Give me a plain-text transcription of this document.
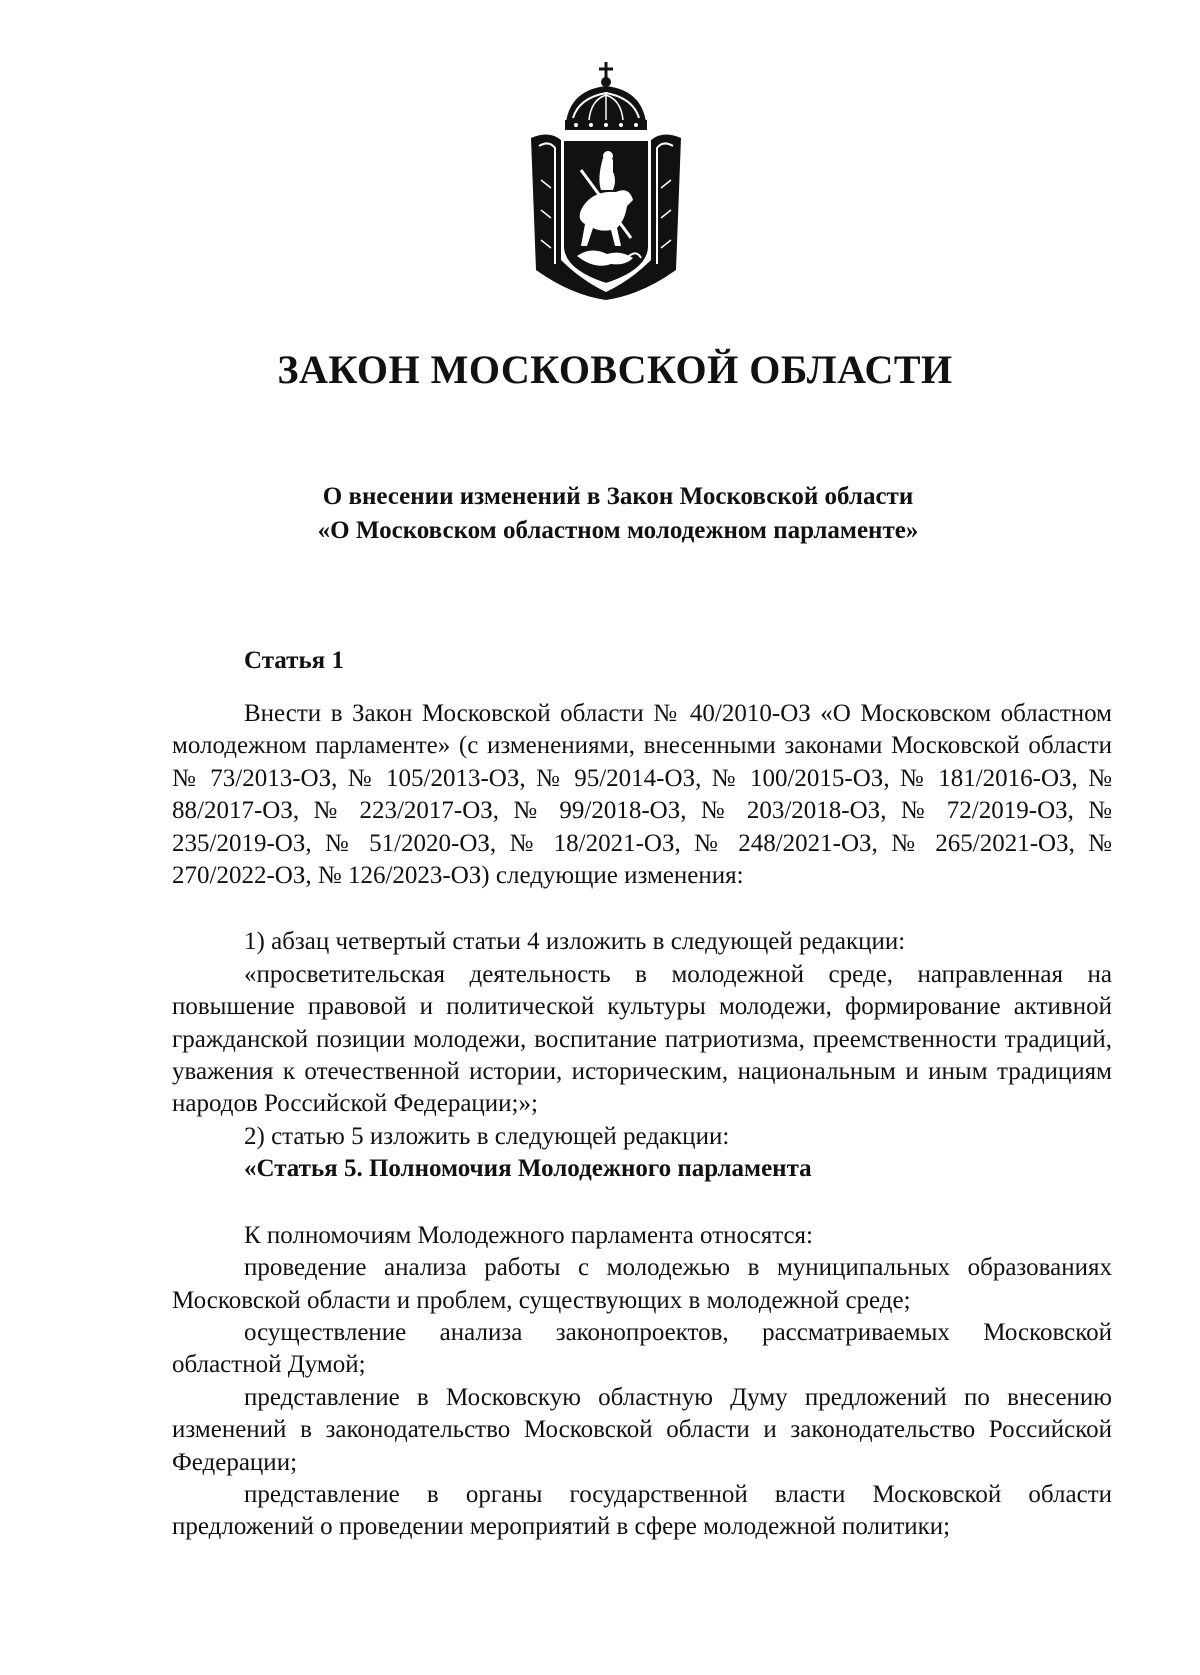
ЗАКОН МОСКОВСКОЙ ОБЛАСТИ
О внесении изменений в Закон Московской области
«О Московском областном молодежном парламенте»
Статья 1

Внести в Закон Московской области № 40/2010-ОЗ «О Московском областном молодежном парламенте» (с изменениями, внесенными законами Московской области № 73/2013-ОЗ, № 105/2013-ОЗ, № 95/2014-ОЗ, № 100/2015-ОЗ, № 181/2016-ОЗ, № 88/2017-ОЗ, № 223/2017-ОЗ, № 99/2018-ОЗ, № 203/2018-ОЗ, № 72/2019-ОЗ, № 235/2019-ОЗ, № 51/2020-ОЗ, № 18/2021-ОЗ, № 248/2021-ОЗ, № 265/2021-ОЗ, № 270/2022-ОЗ, № 126/2023-ОЗ) следующие изменения:

1) абзац четвертый статьи 4 изложить в следующей редакции:

«просветительская деятельность в молодежной среде, направленная на повышение правовой и политической культуры молодежи, формирование активной гражданской позиции молодежи, воспитание патриотизма, преемственности традиций, уважения к отечественной истории, историческим, национальным и иным традициям народов Российской Федерации;»;

2) статью 5 изложить в следующей редакции:

«Статья 5. Полномочия Молодежного парламента

К полномочиям Молодежного парламента относятся:

проведение анализа работы с молодежью в муниципальных образованиях Московской области и проблем, существующих в молодежной среде;

осуществление анализа законопроектов, рассматриваемых Московской областной Думой;

представление в Московскую областную Думу предложений по внесению изменений в законодательство Московской области и законодательство Российской Федерации;

представление в органы государственной власти Московской области предложений о проведении мероприятий в сфере молодежной политики;
